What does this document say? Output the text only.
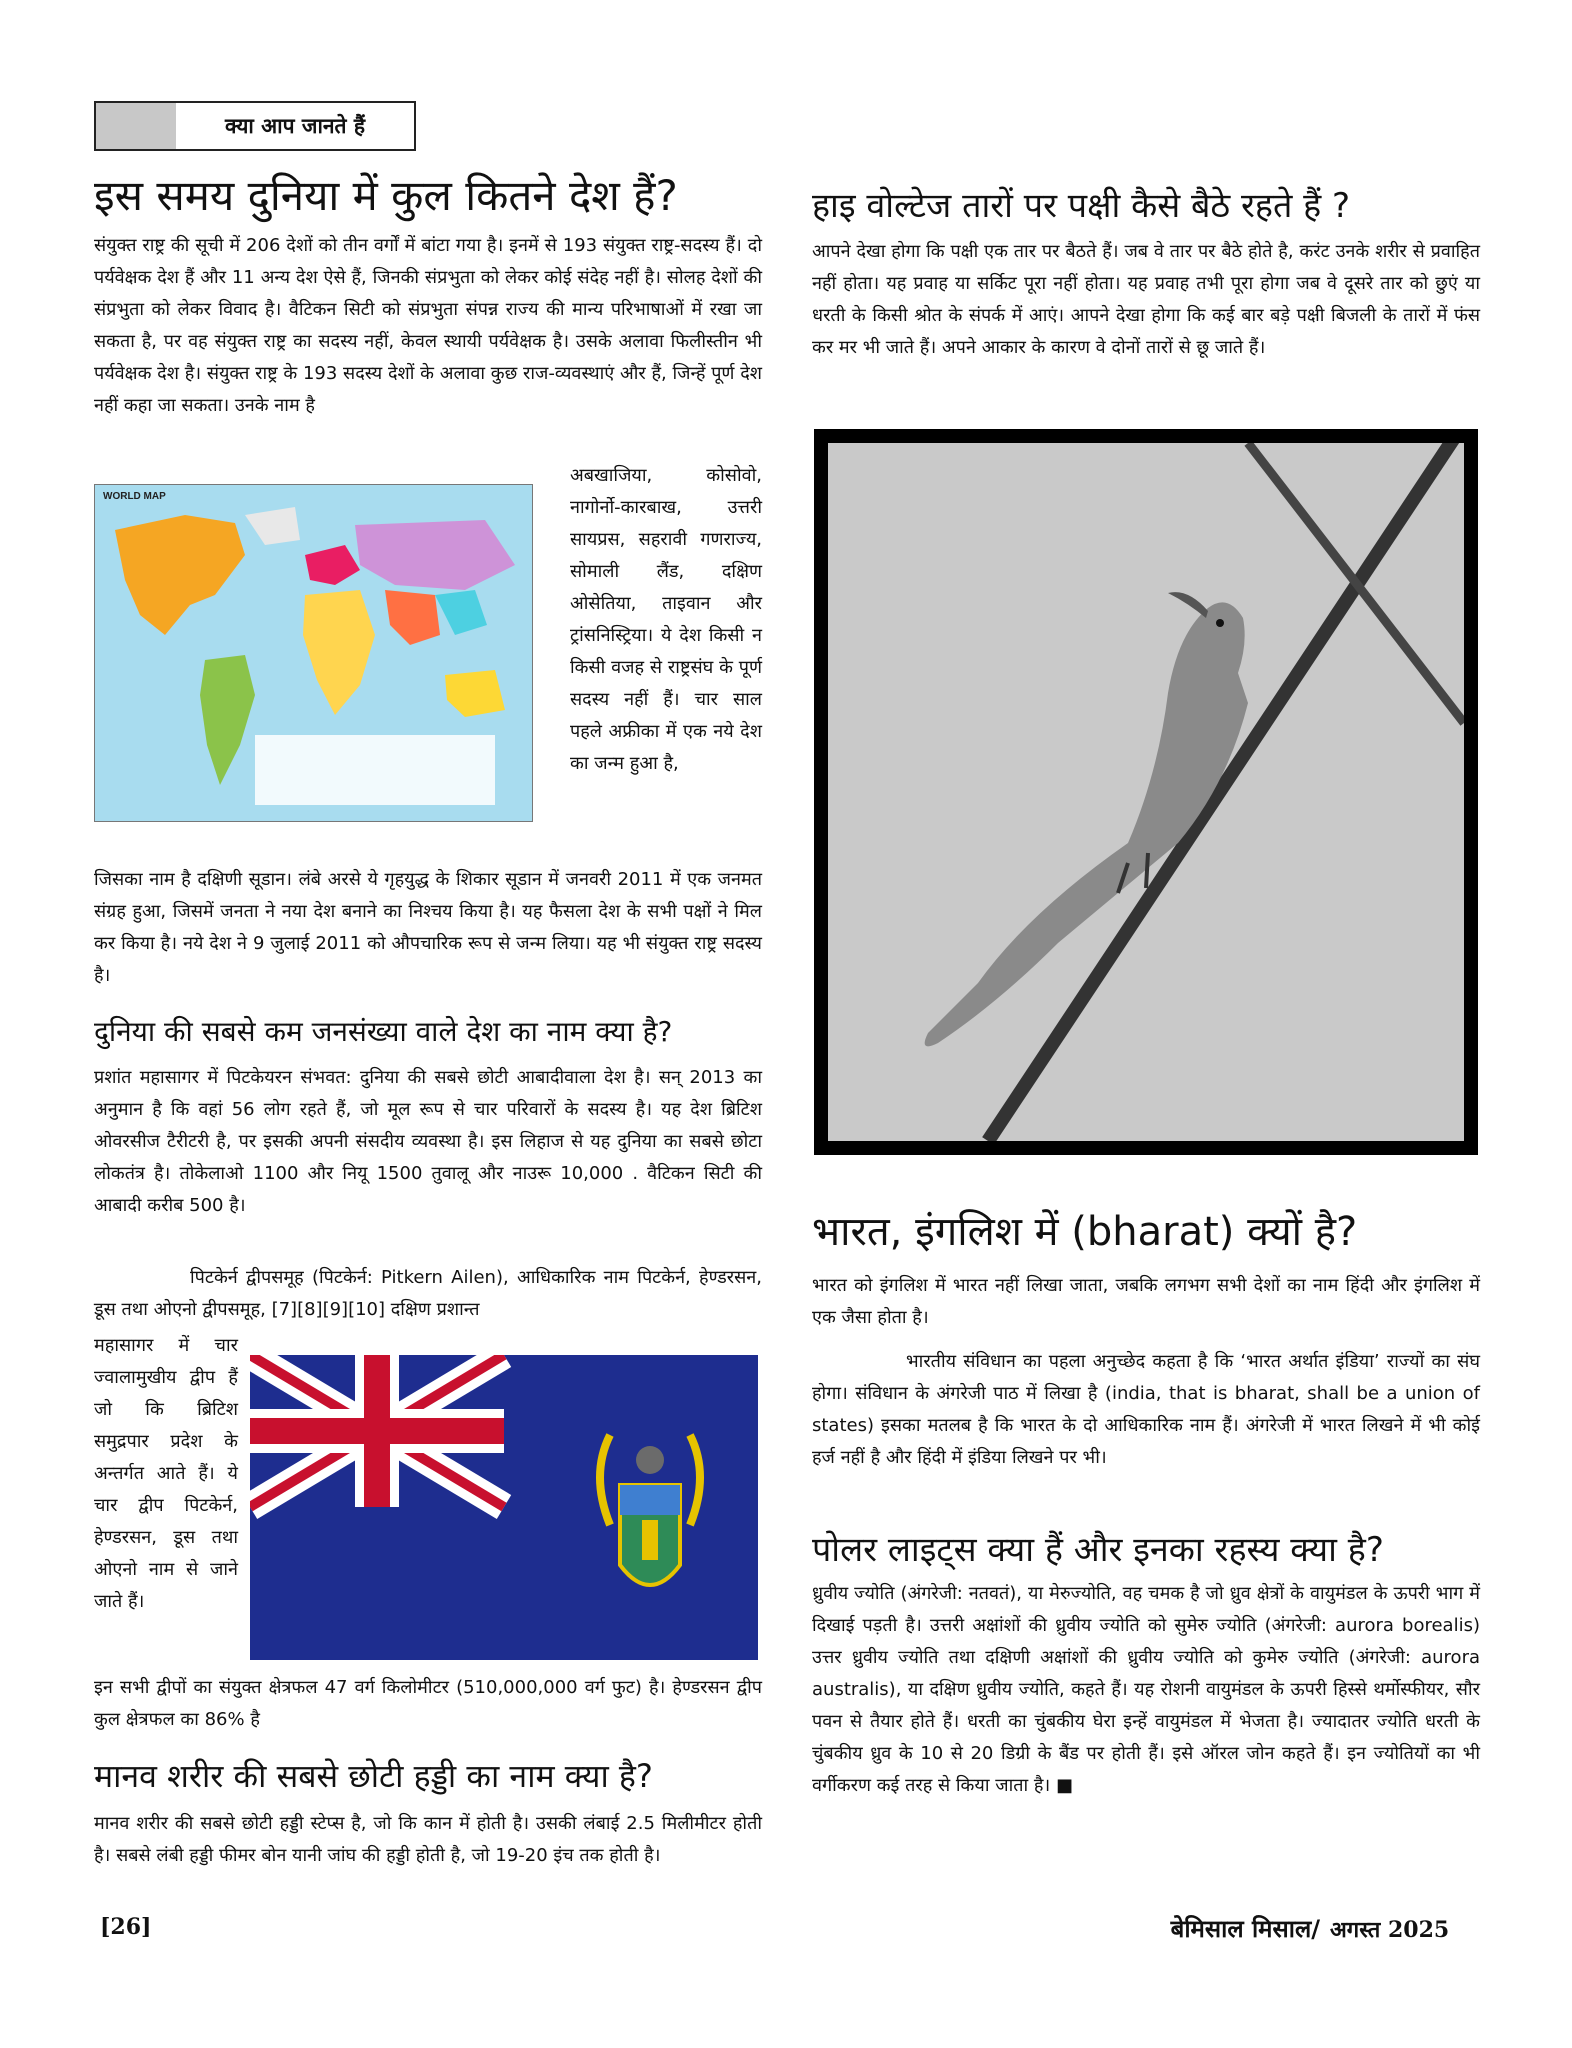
क्या आप जानते हैं
इस समय दुनिया में कुल कितने देश हैं?

संयुक्त राष्ट्र की सूची में 206 देशों को तीन वर्गों में बांटा गया है। इनमें से 193 संयुक्त राष्ट्र-सदस्य हैं। दो पर्यवेक्षक देश हैं और 11 अन्य देश ऐसे हैं, जिनकी संप्रभुता को लेकर कोई संदेह नहीं है। सोलह देशों की संप्रभुता को लेकर विवाद है। वैटिकन सिटी को संप्रभुता संपन्न राज्य की मान्य परिभाषाओं में रखा जा सकता है, पर वह संयुक्त राष्ट्र का सदस्य नहीं, केवल स्थायी पर्यवेक्षक है। उसके अलावा फिलीस्तीन भी पर्यवेक्षक देश है। संयुक्त राष्ट्र के 193 सदस्य देशों के अलावा कुछ राज-व्यवस्थाएं और हैं, जिन्हें पूर्ण देश नहीं कहा जा सकता। उनके नाम है

WORLD MAP

अबखाजिया, कोसोवो, नागोर्नो-कारबाख, उत्तरी सायप्रस, सहरावी गणराज्य, सोमाली लैंड, दक्षिण ओसेतिया, ताइवान और ट्रांसनिस्ट्रिया। ये देश किसी न किसी वजह से राष्ट्रसंघ के पूर्ण सदस्य नहीं हैं। चार साल पहले अफ्रीका में एक नये देश का जन्म हुआ है,

जिसका नाम है दक्षिणी सूडान। लंबे अरसे ये गृहयुद्ध के शिकार सूडान में जनवरी 2011 में एक जनमत संग्रह हुआ, जिसमें जनता ने नया देश बनाने का निश्चय किया है। यह फैसला देश के सभी पक्षों ने मिल कर किया है। नये देश ने 9 जुलाई 2011 को औपचारिक रूप से जन्म लिया। यह भी संयुक्त राष्ट्र सदस्य है।

दुनिया की सबसे कम जनसंख्या वाले देश का नाम क्या है?

प्रशांत महासागर में पिटकेयरन संभवत: दुनिया की सबसे छोटी आबादीवाला देश है। सन् 2013 का अनुमान है कि वहां 56 लोग रहते हैं, जो मूल रूप से चार परिवारों के सदस्य है। यह देश ब्रिटिश ओवरसीज टैरीटरी है, पर इसकी अपनी संसदीय व्यवस्था है। इस लिहाज से यह दुनिया का सबसे छोटा लोकतंत्र है। तोकेलाओ 1100 और नियू 1500 तुवालू और नाउरू 10,000 . वैटिकन सिटी की आबादी करीब 500 है।

पिटकेर्न द्वीपसमूह (पिटकेर्न: Pitkern Ailen), आधिकारिक नाम पिटकेर्न, हेण्डरसन, डूस तथा ओएनो द्वीपसमूह, [7][8][9][10] दक्षिण प्रशान्त

महासागर में चार ज्वालामुखीय द्वीप हैं जो कि ब्रिटिश समुद्रपार प्रदेश के अन्तर्गत आते हैं। ये चार द्वीप पिटकेर्न, हेण्डरसन, डूस तथा ओएनो नाम से जाने जाते हैं।

इन सभी द्वीपों का संयुक्त क्षेत्रफल 47 वर्ग किलोमीटर (510,000,000 वर्ग फुट) है। हेण्डरसन द्वीप कुल क्षेत्रफल का 86% है

मानव शरीर की सबसे छोटी हड्डी का नाम क्या है?

मानव शरीर की सबसे छोटी हड्डी स्टेप्स है, जो कि कान में होती है। उसकी लंबाई 2.5 मिलीमीटर होती है। सबसे लंबी हड्डी फीमर बोन यानी जांघ की हड्डी होती है, जो 19-20 इंच तक होती है।

हाइ वोल्टेज तारों पर पक्षी कैसे बैठे रहते हैं ?

आपने देखा होगा कि पक्षी एक तार पर बैठते हैं। जब वे तार पर बैठे होते है, करंट उनके शरीर से प्रवाहित नहीं होता। यह प्रवाह या सर्किट पूरा नहीं होता। यह प्रवाह तभी पूरा होगा जब वे दूसरे तार को छुएं या धरती के किसी श्रोत के संपर्क में आएं। आपने देखा होगा कि कई बार बड़े पक्षी बिजली के तारों में फंस कर मर भी जाते हैं। अपने आकार के कारण वे दोनों तारों से छू जाते हैं।

भारत, इंगलिश में (bharat) क्यों है?

भारत को इंगलिश में भारत नहीं लिखा जाता, जबकि लगभग सभी देशों का नाम हिंदी और इंगलिश में एक जैसा होता है।

भारतीय संविधान का पहला अनुच्छेद कहता है कि ‘भारत अर्थात इंडिया’ राज्यों का संघ होगा। संविधान के अंगरेजी पाठ में लिखा है (india, that is bharat, shall be a union of states) इसका मतलब है कि भारत के दो आधिकारिक नाम हैं। अंगरेजी में भारत लिखने में भी कोई हर्ज नहीं है और हिंदी में इंडिया लिखने पर भी।

पोलर लाइट्स क्या हैं और इनका रहस्य क्या है?

ध्रुवीय ज्योति (अंगरेजी: नतवतं), या मेरुज्योति, वह चमक है जो ध्रुव क्षेत्रों के वायुमंडल के ऊपरी भाग में दिखाई पड़ती है। उत्तरी अक्षांशों की ध्रुवीय ज्योति को सुमेरु ज्योति (अंगरेजी: aurora borealis) उत्तर ध्रुवीय ज्योति तथा दक्षिणी अक्षांशों की ध्रुवीय ज्योति को कुमेरु ज्योति (अंगरेजी: aurora australis), या दक्षिण ध्रुवीय ज्योति, कहते हैं। यह रोशनी वायुमंडल के ऊपरी हिस्से थर्मोस्फीयर, सौर पवन से तैयार होते हैं। धरती का चुंबकीय घेरा इन्हें वायुमंडल में भेजता है। ज्यादातर ज्योति धरती के चुंबकीय ध्रुव के 10 से 20 डिग्री के बैंड पर होती हैं। इसे ऑरल जोन कहते हैं। इन ज्योतियों का भी वर्गीकरण कई तरह से किया जाता है। ■

[26]	बेमिसाल मिसाल/ अगस्त 2025
